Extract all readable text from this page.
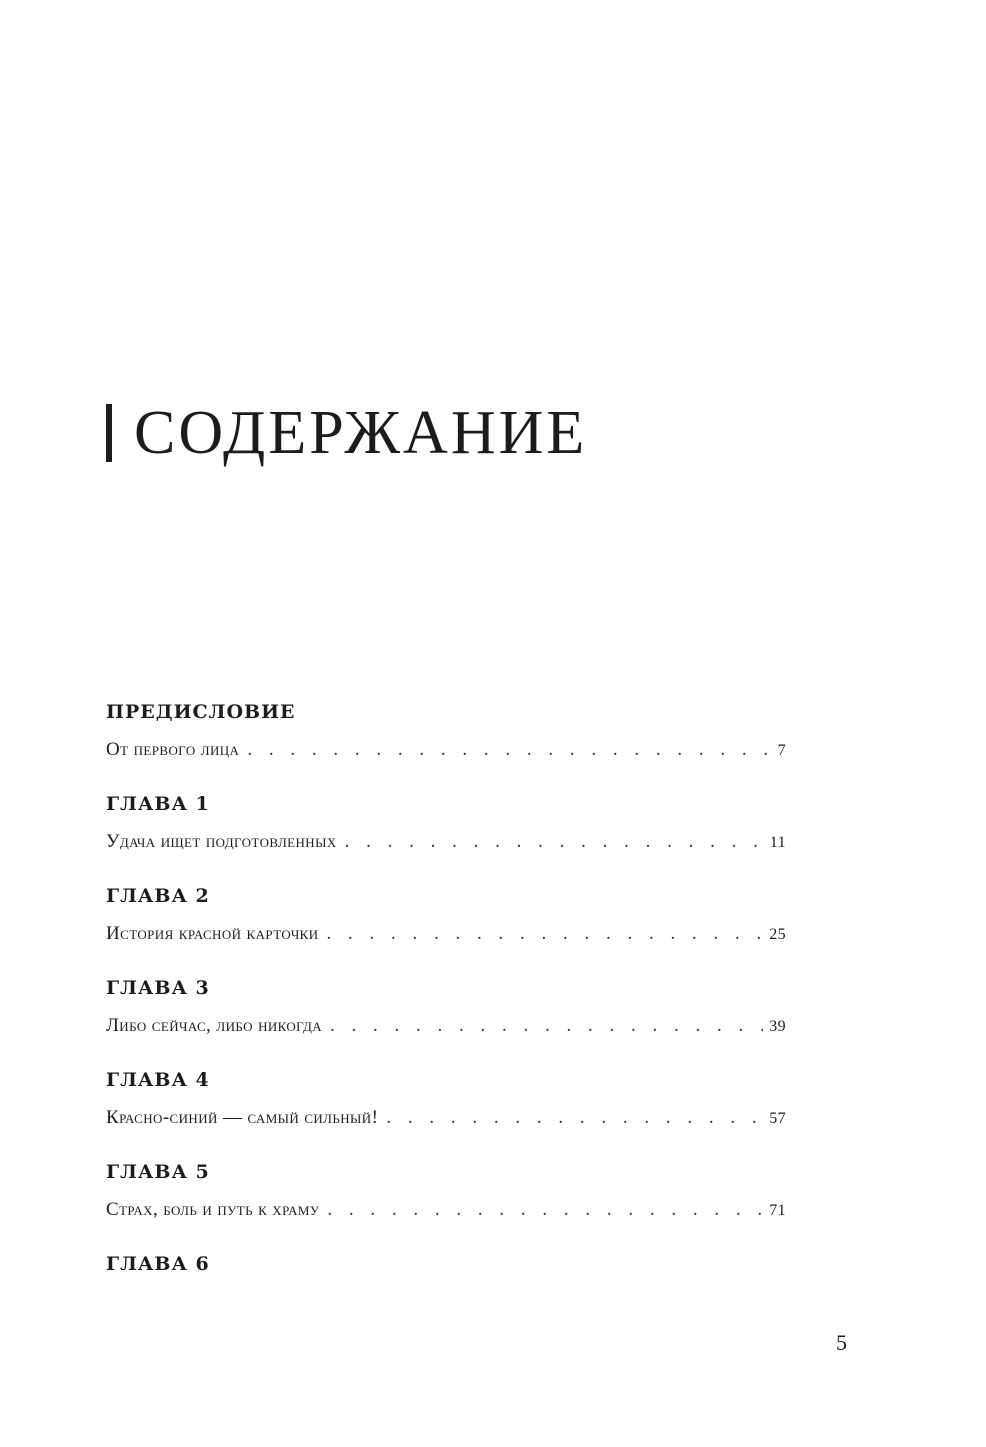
СОДЕРЖАНИЕ
ПРЕДИСЛОВИЕ
От первого лица . . .	7
ГЛАВА 1
Удача ищет подготовленных . . .	11
ГЛАВА 2
История красной карточки . . .	25
ГЛАВА 3
Либо сейчас, либо никогда . . .	39
ГЛАВА 4
Красно-синий — самый сильный! . . .	57
ГЛАВА 5
Страх, боль и путь к храму . . .	71
ГЛАВА 6
5
